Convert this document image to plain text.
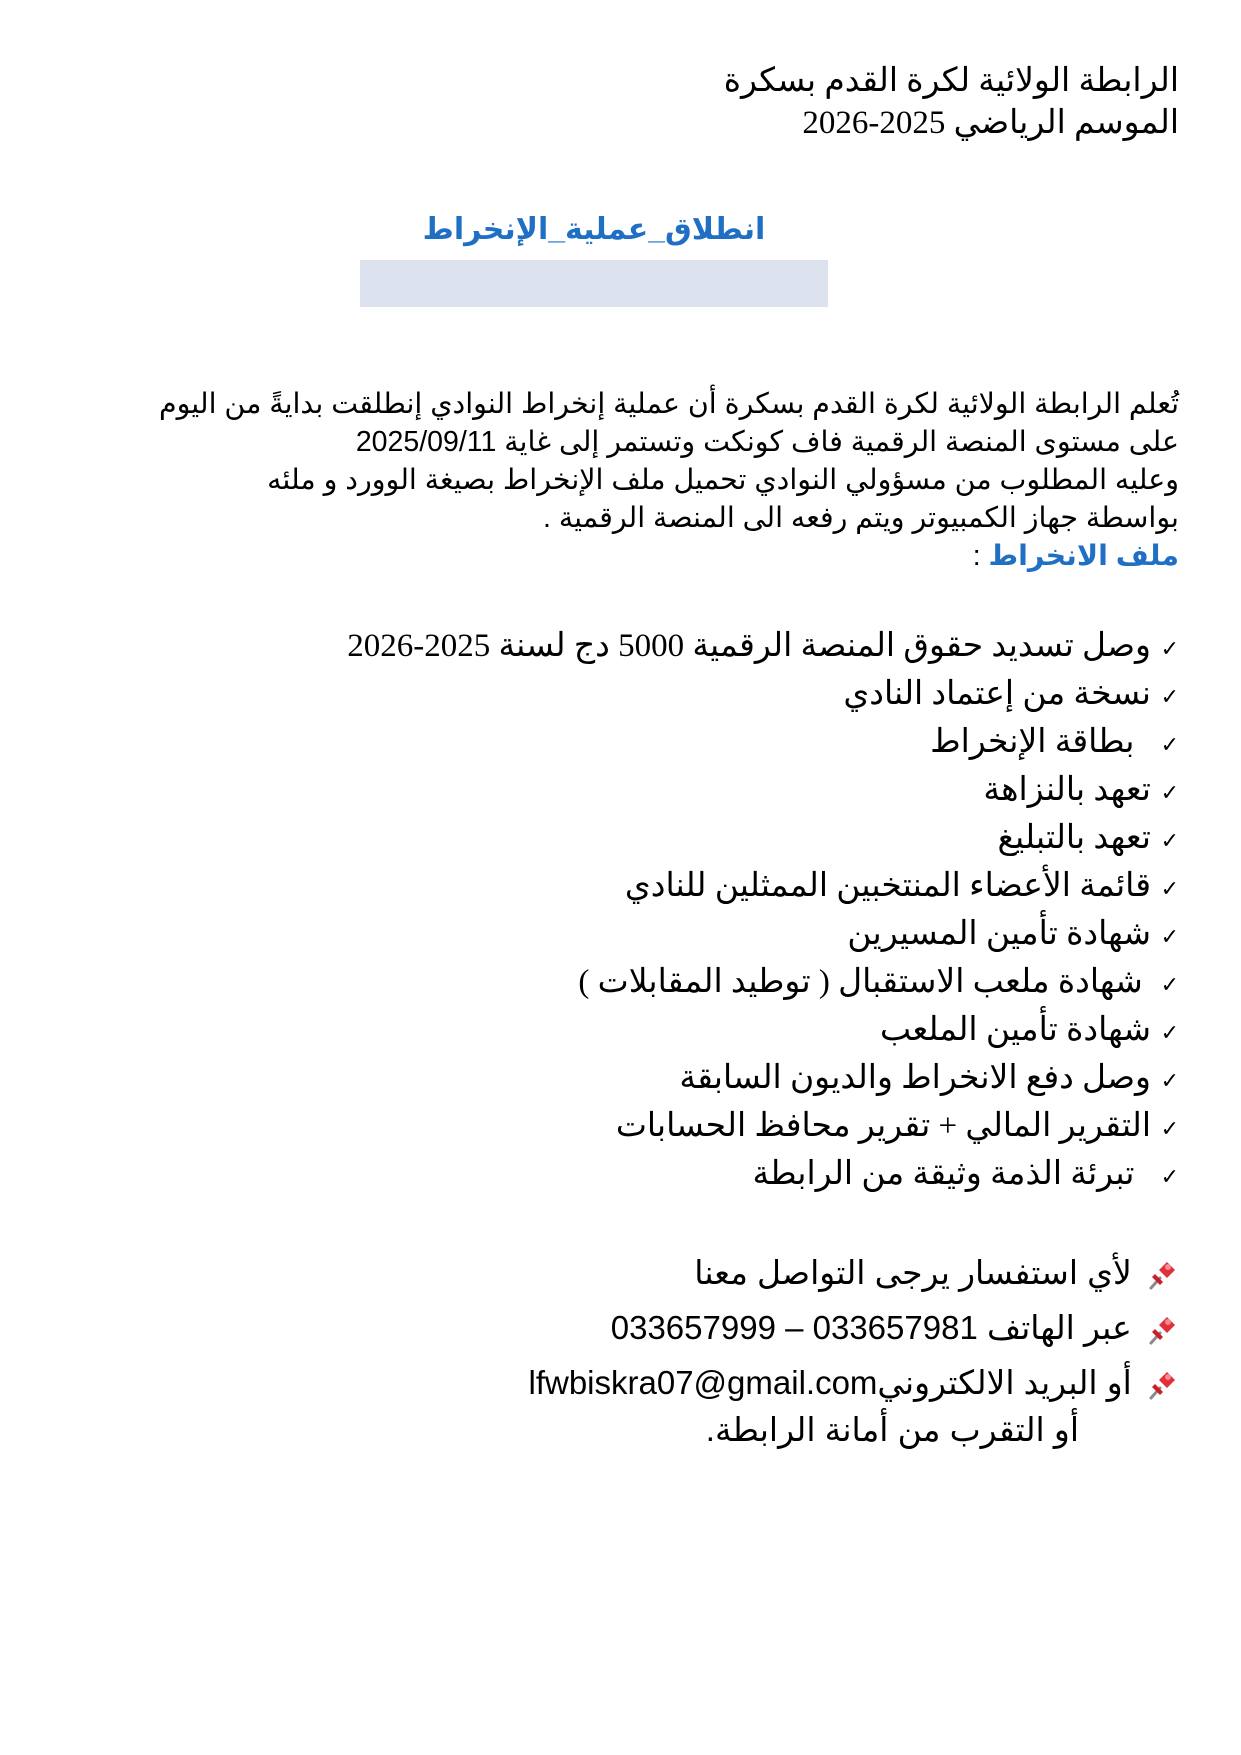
الرابطة الولائية لكرة القدم بسكرة
الموسم الرياضي 2025-2026
انطلاق_عملية_الإنخراط
تُعلم الرابطة الولائية لكرة القدم بسكرة أن عملية إنخراط النوادي إنطلقت بدايةً من اليوم
على مستوى المنصة الرقمية فاف كونكت وتستمر إلى غاية 2025/09/11
وعليه المطلوب من مسؤولي النوادي تحميل ملف الإنخراط بصيغة الوورد و ملئه
بواسطة جهاز الكمبيوتر ويتم رفعه الى المنصة الرقمية .
ملف الانخراط :
✓وصل تسديد حقوق المنصة الرقمية 5000 دج لسنة 2025-2026
✓نسخة من إعتماد النادي
✓  بطاقة الإنخراط
✓تعهد بالنزاهة
✓تعهد بالتبليغ
✓قائمة الأعضاء المنتخبين الممثلين للنادي
✓شهادة تأمين المسيرين
✓ شهادة ملعب الاستقبال ( توطيد المقابلات )
✓شهادة تأمين الملعب
✓وصل دفع الانخراط والديون السابقة
✓التقرير المالي + تقرير محافظ الحسابات
✓  تبرئة الذمة وثيقة من الرابطة
لأي استفسار يرجى التواصل معنا
عبر الهاتف 033657999 – 033657981
أو البريد الالكترونيlfwbiskra07@gmail.com
أو التقرب من أمانة الرابطة.
